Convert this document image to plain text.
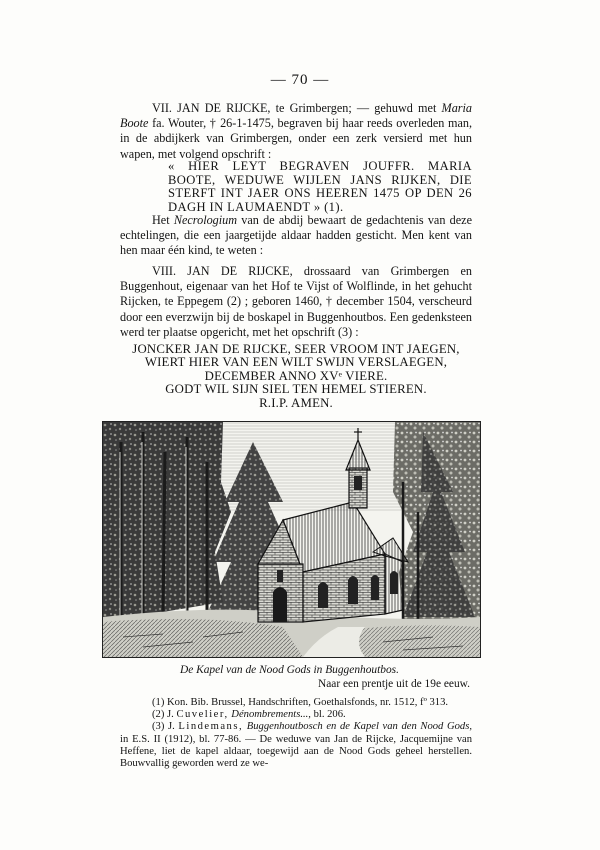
— 70 —

VII. JAN DE RIJCKE, te Grimbergen; — gehuwd met Maria Boote fa. Wouter, † 26-1-1475, begraven bij haar reeds overleden man, in de abdijkerk van Grimbergen, onder een zerk versierd met hun wapen, met volgend opschrift :

« HIER LEYT BEGRAVEN JOUFFR. MARIA BOOTE, WEDUWE WIJLEN JANS RIJKEN, DIE STERFT INT JAER ONS HEEREN 1475 OP DEN 26 DAGH IN LAUMAENDT » (1).

Het Necrologium van de abdij bewaart de gedachtenis van deze echtelingen, die een jaargetijde aldaar hadden gesticht. Men kent van hen maar één kind, te weten :

VIII. JAN DE RIJCKE, drossaard van Grimbergen en Buggenhout, eigenaar van het Hof te Vijst of Wolflinde, in het gehucht Rijcken, te Eppegem (2) ; geboren 1460, † december 1504, verscheurd door een everzwijn bij de boskapel in Buggenhoutbos. Een gedenksteen werd ter plaatse opgericht, met het opschrift (3) :

JONCKER JAN DE RIJCKE, SEER VROOM INT JAEGEN,
WIERT HIER VAN EEN WILT SWIJN VERSLAEGEN,
DECEMBER ANNO XVᵉ VIERE.
GODT WIL SIJN SIEL TEN HEMEL STIEREN.
R.I.P. AMEN.
De Kapel van de Nood Gods in Buggenhoutbos.
Naar een prentje uit de 19e eeuw.

(1) Kon. Bib. Brussel, Handschriften, Goethalsfonds, nr. 1512, fº 313.

(2) J. Cuvelier, Dénombrements..., bl. 206.

(3) J. Lindemans, Buggenhoutbosch en de Kapel van den Nood Gods, in E.S. II (1912), bl. 77-86. — De weduwe van Jan de Rijcke, Jacquemijne van Heffene, liet de kapel aldaar, toegewijd aan de Nood Gods geheel herstellen. Bouwvallig geworden werd ze we-
